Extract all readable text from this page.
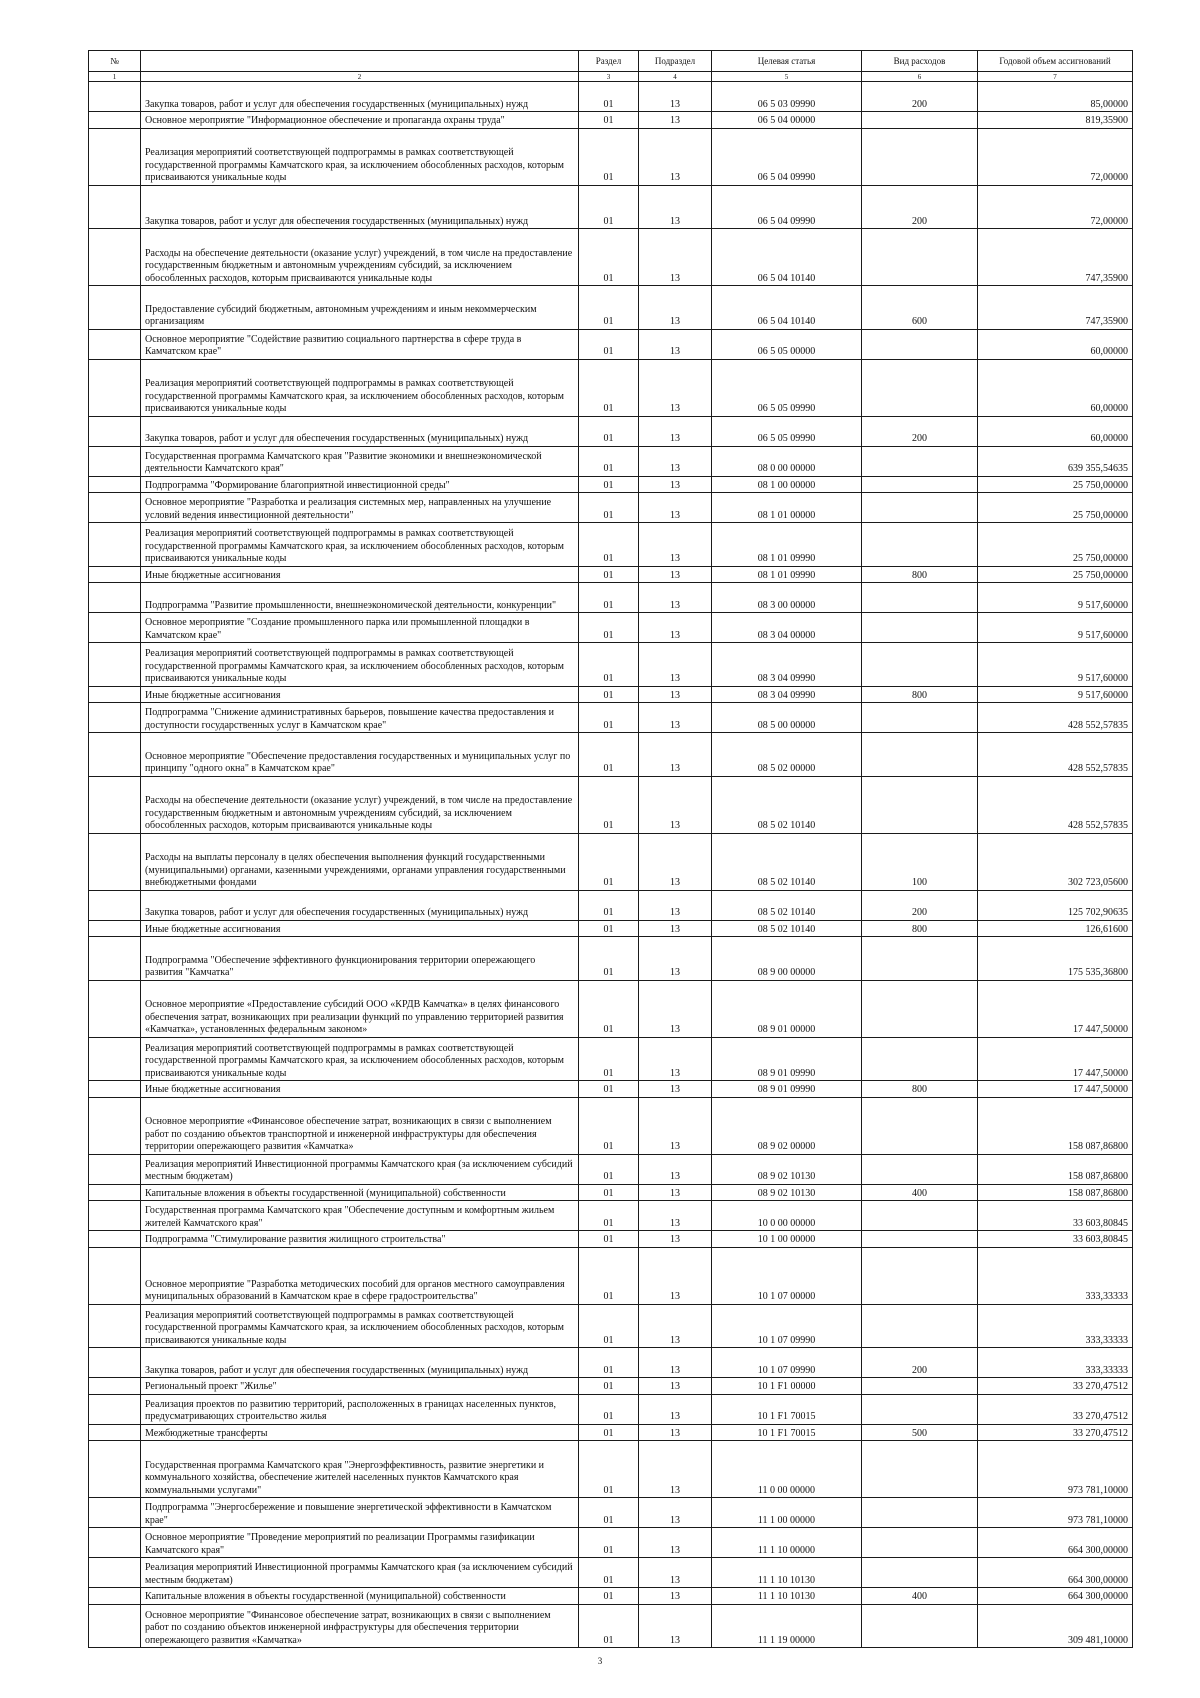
№		Раздел	Подраздел	Целевая статья	Вид расходов	Годовой объем ассигнований
1	2	3	4	5	6	7
	Закупка товаров, работ и услуг для обеспечения государственных (муниципальных) нужд	01	13	06 5 03 09990	200	85,00000
	Основное мероприятие "Информационное обеспечение и пропаганда охраны труда"	01	13	06 5 04 00000		819,35900
	Реализация мероприятий соответствующей подпрограммы в рамках соответствующей государственной программы Камчатского края, за исключением обособленных расходов, которым присваиваются уникальные коды	01	13	06 5 04 09990		72,00000
	Закупка товаров, работ и услуг для обеспечения государственных (муниципальных) нужд	01	13	06 5 04 09990	200	72,00000
	Расходы на обеспечение деятельности (оказание услуг) учреждений, в том числе на предоставление государственным бюджетным и автономным учреждениям субсидий, за исключением обособленных расходов, которым присваиваются уникальные коды	01	13	06 5 04 10140		747,35900
	Предоставление субсидий бюджетным, автономным учреждениям и иным некоммерческим организациям	01	13	06 5 04 10140	600	747,35900
	Основное мероприятие "Содействие развитию социального партнерства в сфере труда в Камчатском крае"	01	13	06 5 05 00000		60,00000
	Реализация мероприятий соответствующей подпрограммы в рамках соответствующей государственной программы Камчатского края, за исключением обособленных расходов, которым присваиваются уникальные коды	01	13	06 5 05 09990		60,00000
	Закупка товаров, работ и услуг для обеспечения государственных (муниципальных) нужд	01	13	06 5 05 09990	200	60,00000
	Государственная программа Камчатского края "Развитие экономики и внешнеэкономической деятельности Камчатского края"	01	13	08 0 00 00000		639 355,54635
	Подпрограмма "Формирование благоприятной инвестиционной среды"	01	13	08 1 00 00000		25 750,00000
	Основное мероприятие "Разработка и реализация системных мер, направленных на улучшение условий ведения инвестиционной деятельности"	01	13	08 1 01 00000		25 750,00000
	Реализация мероприятий соответствующей подпрограммы в рамках соответствующей государственной программы Камчатского края, за исключением обособленных расходов, которым присваиваются уникальные коды	01	13	08 1 01 09990		25 750,00000
	Иные бюджетные ассигнования	01	13	08 1 01 09990	800	25 750,00000
	Подпрограмма "Развитие промышленности, внешнеэкономической деятельности, конкуренции"	01	13	08 3 00 00000		9 517,60000
	Основное мероприятие "Создание промышленного парка или промышленной площадки в Камчатском крае"	01	13	08 3 04 00000		9 517,60000
	Реализация мероприятий соответствующей подпрограммы в рамках соответствующей государственной программы Камчатского края, за исключением обособленных расходов, которым присваиваются уникальные коды	01	13	08 3 04 09990		9 517,60000
	Иные бюджетные ассигнования	01	13	08 3 04 09990	800	9 517,60000
	Подпрограмма "Снижение административных барьеров, повышение качества предоставления и доступности государственных услуг в Камчатском крае"	01	13	08 5 00 00000		428 552,57835
	Основное мероприятие "Обеспечение предоставления государственных и муниципальных услуг по принципу "одного окна" в Камчатском крае"	01	13	08 5 02 00000		428 552,57835
	Расходы на обеспечение деятельности (оказание услуг) учреждений, в том числе на предоставление государственным бюджетным и автономным учреждениям субсидий, за исключением обособленных расходов, которым присваиваются уникальные коды	01	13	08 5 02 10140		428 552,57835
	Расходы на выплаты персоналу в целях обеспечения выполнения функций государственными (муниципальными) органами, казенными учреждениями, органами управления государственными внебюджетными фондами	01	13	08 5 02 10140	100	302 723,05600
	Закупка товаров, работ и услуг для обеспечения государственных (муниципальных) нужд	01	13	08 5 02 10140	200	125 702,90635
	Иные бюджетные ассигнования	01	13	08 5 02 10140	800	126,61600
	Подпрограмма "Обеспечение эффективного функционирования территории опережающего развития "Камчатка"	01	13	08 9 00 00000		175 535,36800
	Основное мероприятие «Предоставление субсидий ООО «КРДВ Камчатка» в целях финансового обеспечения затрат, возникающих при реализации функций по управлению территорией развития «Камчатка», установленных федеральным законом»	01	13	08 9 01 00000		17 447,50000
	Реализация мероприятий соответствующей подпрограммы в рамках соответствующей государственной программы Камчатского края, за исключением обособленных расходов, которым присваиваются уникальные коды	01	13	08 9 01 09990		17 447,50000
	Иные бюджетные ассигнования	01	13	08 9 01 09990	800	17 447,50000
	Основное мероприятие «Финансовое обеспечение затрат, возникающих в связи с выполнением работ по созданию объектов транспортной и инженерной инфраструктуры для обеспечения территории опережающего развития «Камчатка»	01	13	08 9 02 00000		158 087,86800
	Реализация мероприятий Инвестиционной программы Камчатского края (за исключением субсидий местным бюджетам)	01	13	08 9 02 10130		158 087,86800
	Капитальные вложения в объекты государственной (муниципальной) собственности	01	13	08 9 02 10130	400	158 087,86800
	Государственная программа Камчатского края "Обеспечение доступным и комфортным жильем жителей Камчатского края"	01	13	10 0 00 00000		33 603,80845
	Подпрограмма "Стимулирование развития жилищного строительства"	01	13	10 1 00 00000		33 603,80845
	Основное мероприятие "Разработка методических пособий для органов местного самоуправления муниципальных образований в Камчатском крае в сфере градостроительства"	01	13	10 1 07 00000		333,33333
	Реализация мероприятий соответствующей подпрограммы в рамках соответствующей государственной программы Камчатского края, за исключением обособленных расходов, которым присваиваются уникальные коды	01	13	10 1 07 09990		333,33333
	Закупка товаров, работ и услуг для обеспечения государственных (муниципальных) нужд	01	13	10 1 07 09990	200	333,33333
	Региональный проект "Жилье"	01	13	10 1 F1 00000		33 270,47512
	Реализация проектов по развитию территорий, расположенных в границах населенных пунктов, предусматривающих строительство жилья	01	13	10 1 F1 70015		33 270,47512
	Межбюджетные трансферты	01	13	10 1 F1 70015	500	33 270,47512
	Государственная программа Камчатского края "Энергоэффективность, развитие энергетики и коммунального хозяйства, обеспечение жителей населенных пунктов Камчатского края коммунальными услугами"	01	13	11 0 00 00000		973 781,10000
	Подпрограмма "Энергосбережение и повышение энергетической эффективности в Камчатском крае"	01	13	11 1 00 00000		973 781,10000
	Основное мероприятие "Проведение мероприятий по реализации Программы газификации Камчатского края"	01	13	11 1 10 00000		664 300,00000
	Реализация мероприятий Инвестиционной программы Камчатского края (за исключением субсидий местным бюджетам)	01	13	11 1 10 10130		664 300,00000
	Капитальные вложения в объекты государственной (муниципальной) собственности	01	13	11 1 10 10130	400	664 300,00000
	Основное мероприятие "Финансовое обеспечение затрат, возникающих в связи с выполнением работ по созданию объектов инженерной инфраструктуры для обеспечения территории опережающего развития «Камчатка»	01	13	11 1 19 00000		309 481,10000
3
